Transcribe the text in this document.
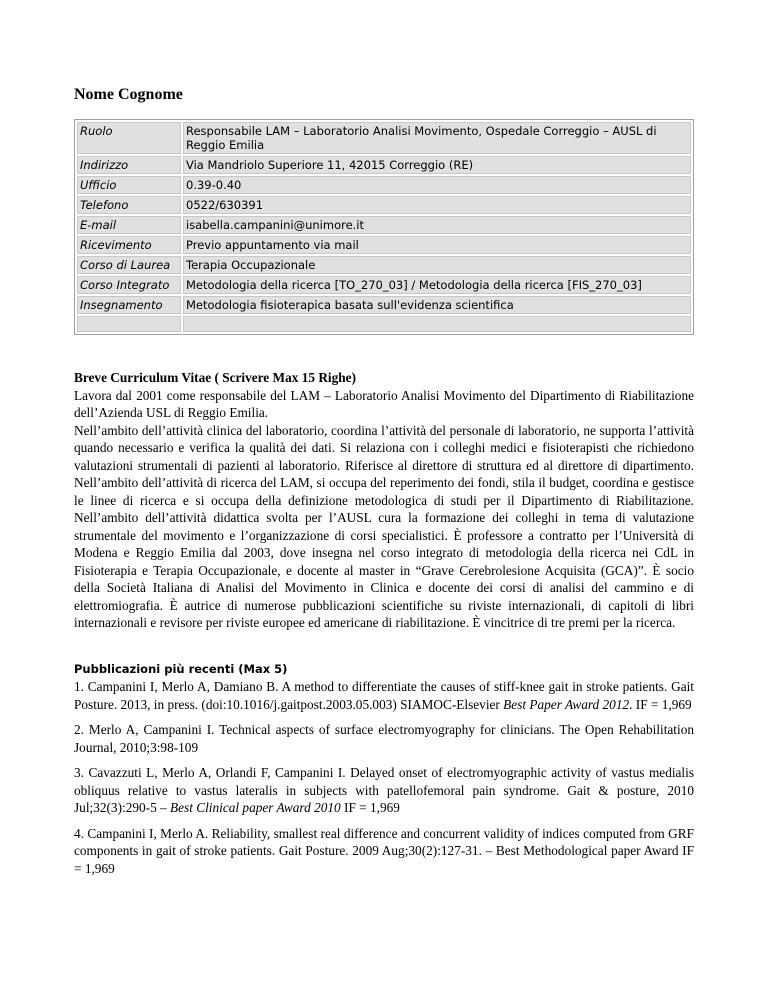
Nome Cognome
Ruolo	Responsabile LAM – Laboratorio Analisi Movimento, Ospedale Correggio – AUSL di Reggio Emilia
Indirizzo	Via Mandriolo Superiore 11, 42015 Correggio (RE)
Ufficio	0.39-0.40
Telefono	0522/630391
E-mail	isabella.campanini@unimore.it
Ricevimento	Previo appuntamento via mail
Corso di Laurea	Terapia Occupazionale
Corso Integrato	Metodologia della ricerca [TO_270_03] / Metodologia della ricerca [FIS_270_03]
Insegnamento	Metodologia fisioterapica basata sull'evidenza scientifica

Breve Curriculum Vitae ( Scrivere Max 15 Righe)

Lavora dal 2001 come responsabile del LAM – Laboratorio Analisi Movimento del Dipartimento di Riabilitazione dell’Azienda USL di Reggio Emilia.

Nell’ambito dell’attività clinica del laboratorio, coordina l’attività del personale di laboratorio, ne supporta l’attività quando necessario e verifica la qualità dei dati. Si relaziona con i colleghi medici e fisioterapisti che richiedono valutazioni strumentali di pazienti al laboratorio. Riferisce al direttore di struttura ed al direttore di dipartimento. Nell’ambito dell’attività di ricerca del LAM, si occupa del reperimento dei fondi, stila il budget, coordina e gestisce le linee di ricerca e si occupa della definizione metodologica di studi per il Dipartimento di Riabilitazione. Nell’ambito dell’attività didattica svolta per l’AUSL cura la formazione dei colleghi in tema di valutazione strumentale del movimento e l’organizzazione di corsi specialistici. È professore a contratto per l’Università di Modena e Reggio Emilia dal 2003, dove insegna nel corso integrato di metodologia della ricerca nei CdL in Fisioterapia e Terapia Occupazionale, e docente al master in “Grave Cerebrolesione Acquisita (GCA)”. È socio della Società Italiana di Analisi del Movimento in Clinica e docente dei corsi di analisi del cammino e di elettromiografia. È autrice di numerose pubblicazioni scientifiche su riviste internazionali, di capitoli di libri internazionali e revisore per riviste europee ed americane di riabilitazione. È vincitrice di tre premi per la ricerca.

Pubblicazioni più recenti (Max 5)

1. Campanini I, Merlo A, Damiano B. A method to differentiate the causes of stiff-knee gait in stroke patients. Gait Posture. 2013, in press. (doi:10.1016/j.gaitpost.2003.05.003) SIAMOC-Elsevier Best Paper Award 2012. IF = 1,969

2. Merlo A, Campanini I. Technical aspects of surface electromyography for clinicians. The Open Rehabilitation Journal, 2010;3:98-109

3. Cavazzuti L, Merlo A, Orlandi F, Campanini I. Delayed onset of electromyographic activity of vastus medialis obliquus relative to vastus lateralis in subjects with patellofemoral pain syndrome. Gait & posture, 2010 Jul;32(3):290-5 – Best Clinical paper Award 2010 IF = 1,969

4. Campanini I, Merlo A. Reliability, smallest real difference and concurrent validity of indices computed from GRF components in gait of stroke patients. Gait Posture. 2009 Aug;30(2):127-31. – Best Methodological paper Award IF = 1,969
